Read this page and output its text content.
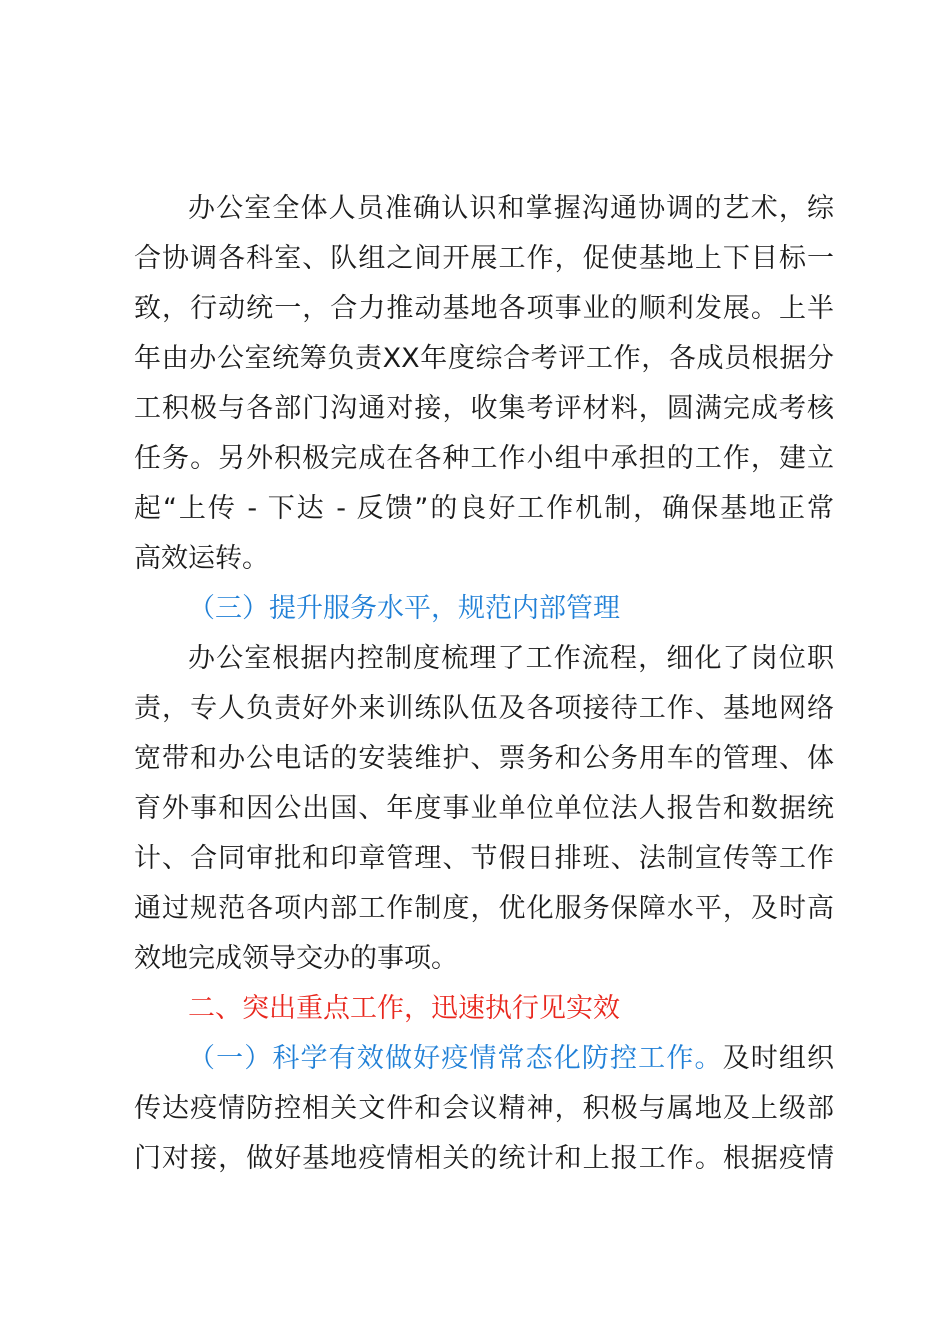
办公室全体人员准确认识和掌握沟通协调的艺术，综
合协调各科室、队组之间开展工作，促使基地上下目标一
致，行动统一，合力推动基地各项事业的顺利发展。上半
年由办公室统筹负责XX年度综合考评工作，各成员根据分
工积极与各部门沟通对接，收集考评材料，圆满完成考核
任务。另外积极完成在各种工作小组中承担的工作，建立
起“上传 - 下达 - 反馈”的良好工作机制，确保基地正常
高效运转。
（三）提升服务水平，规范内部管理
办公室根据内控制度梳理了工作流程，细化了岗位职
责，专人负责好外来训练队伍及各项接待工作、基地网络
宽带和办公电话的安装维护、票务和公务用车的管理、体
育外事和因公出国、年度事业单位单位法人报告和数据统
计、合同审批和印章管理、节假日排班、法制宣传等工作
通过规范各项内部工作制度，优化服务保障水平，及时高
效地完成领导交办的事项。
二、突出重点工作，迅速执行见实效
（一）科学有效做好疫情常态化防控工作。及时组织
传达疫情防控相关文件和会议精神，积极与属地及上级部
门对接，做好基地疫情相关的统计和上报工作。根据疫情
